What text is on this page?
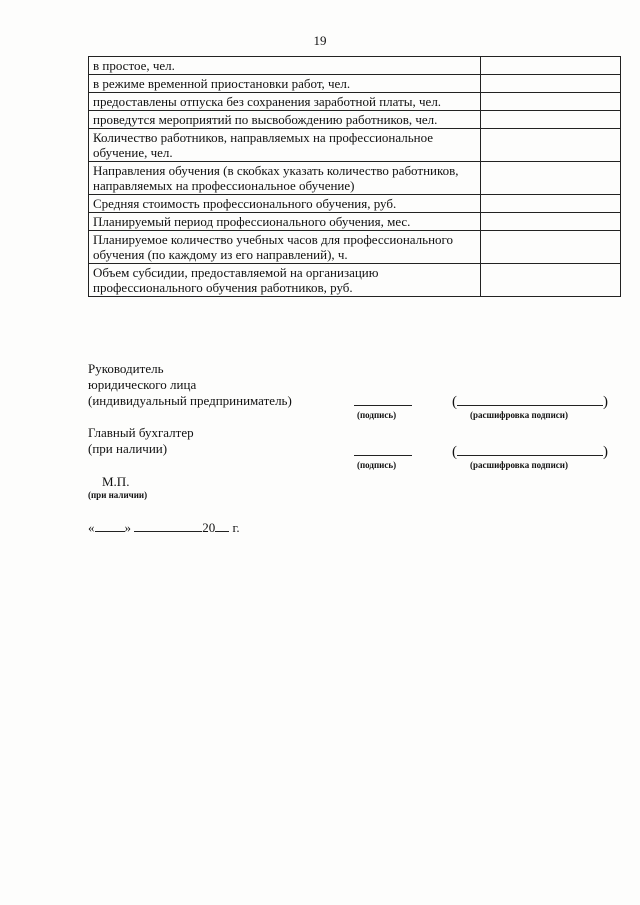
19
в простое, чел.	
в режиме временной приостановки работ, чел.	
предоставлены отпуска без сохранения заработной платы, чел.	
проведутся мероприятий по высвобождению работников, чел.	
Количество работников, направляемых на профессиональное обучение, чел.	
Направления обучения (в скобках указать количество работников, направляемых на профессиональное обучение)	
Средняя стоимость профессионального обучения, руб.	
Планируемый период профессионального обучения, мес.	
Планируемое количество учебных часов для профессионального обучения (по каждому из его направлений), ч.	
Объем субсидии, предоставляемой на организацию профессионального обучения работников, руб.	
Руководитель
юридического лица
(индивидуальный предприниматель)
(подпись)
(	)
(расшифровка подписи)
Главный бухгалтер
(при наличии)
(подпись)
(	)
(расшифровка подписи)
М.П.
(при наличии)
« »	20 г.
